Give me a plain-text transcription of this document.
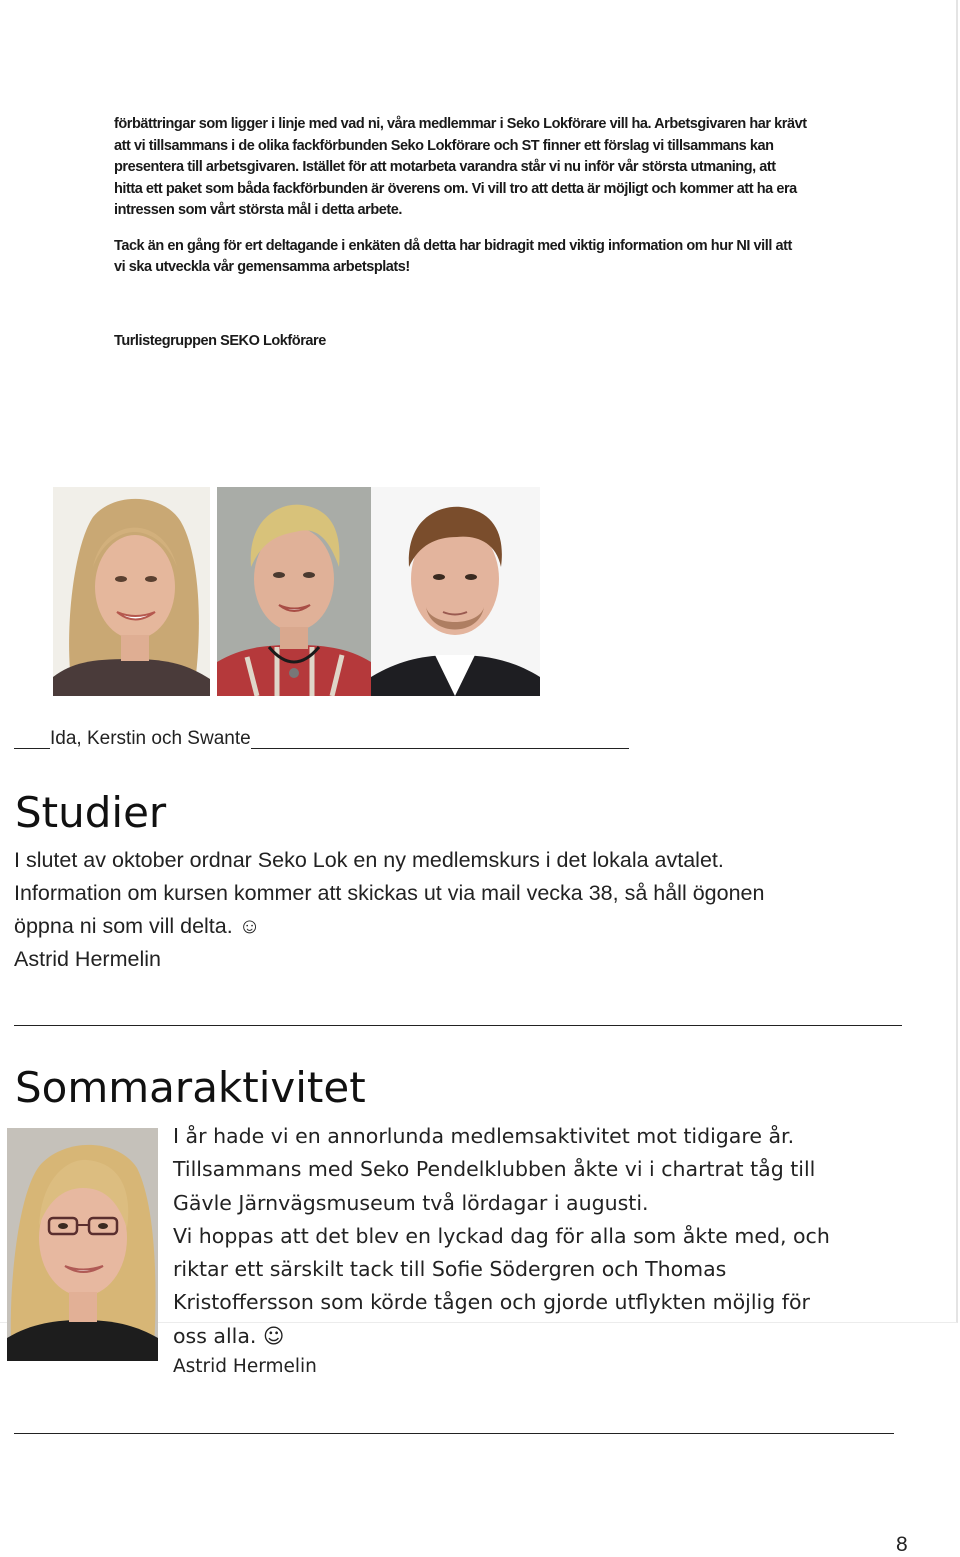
förbättringar som ligger i linje med vad ni, våra medlemmar i Seko Lokförare vill ha. Arbetsgivaren har krävt
att vi tillsammans i de olika fackförbunden Seko Lokförare och ST finner ett förslag vi tillsammans kan
presentera till arbetsgivaren. Istället för att motarbeta varandra står vi nu inför vår största utmaning, att
hitta ett paket som båda fackförbunden är överens om. Vi vill tro att detta är möjligt och kommer att ha era
intressen som vårt största mål i detta arbete.

Tack än en gång för ert deltagande i enkäten då detta har bidragit med viktig information om hur NI vill att
vi ska utveckla vår gemensamma arbetsplats!

Turlistegruppen SEKO Lokförare

Ida, Kerstin och Swante
Studier

I slutet av oktober ordnar Seko Lok en ny medlemskurs i det lokala avtalet.

Information om kursen kommer att skickas ut via mail vecka 38, så håll ögonen

öppna ni som vill delta. ☺

Astrid Hermelin

Sommaraktivitet

I år hade vi en annorlunda medlemsaktivitet mot tidigare år.

Tillsammans med Seko Pendelklubben åkte vi i chartrat tåg till

Gävle Järnvägsmuseum två lördagar i augusti.

Vi hoppas att det blev en lyckad dag för alla som åkte med, och

riktar ett särskilt tack till Sofie Södergren och Thomas

Kristoffersson som körde tågen och gjorde utflykten möjlig för

oss alla. ☺

Astrid Hermelin

8
